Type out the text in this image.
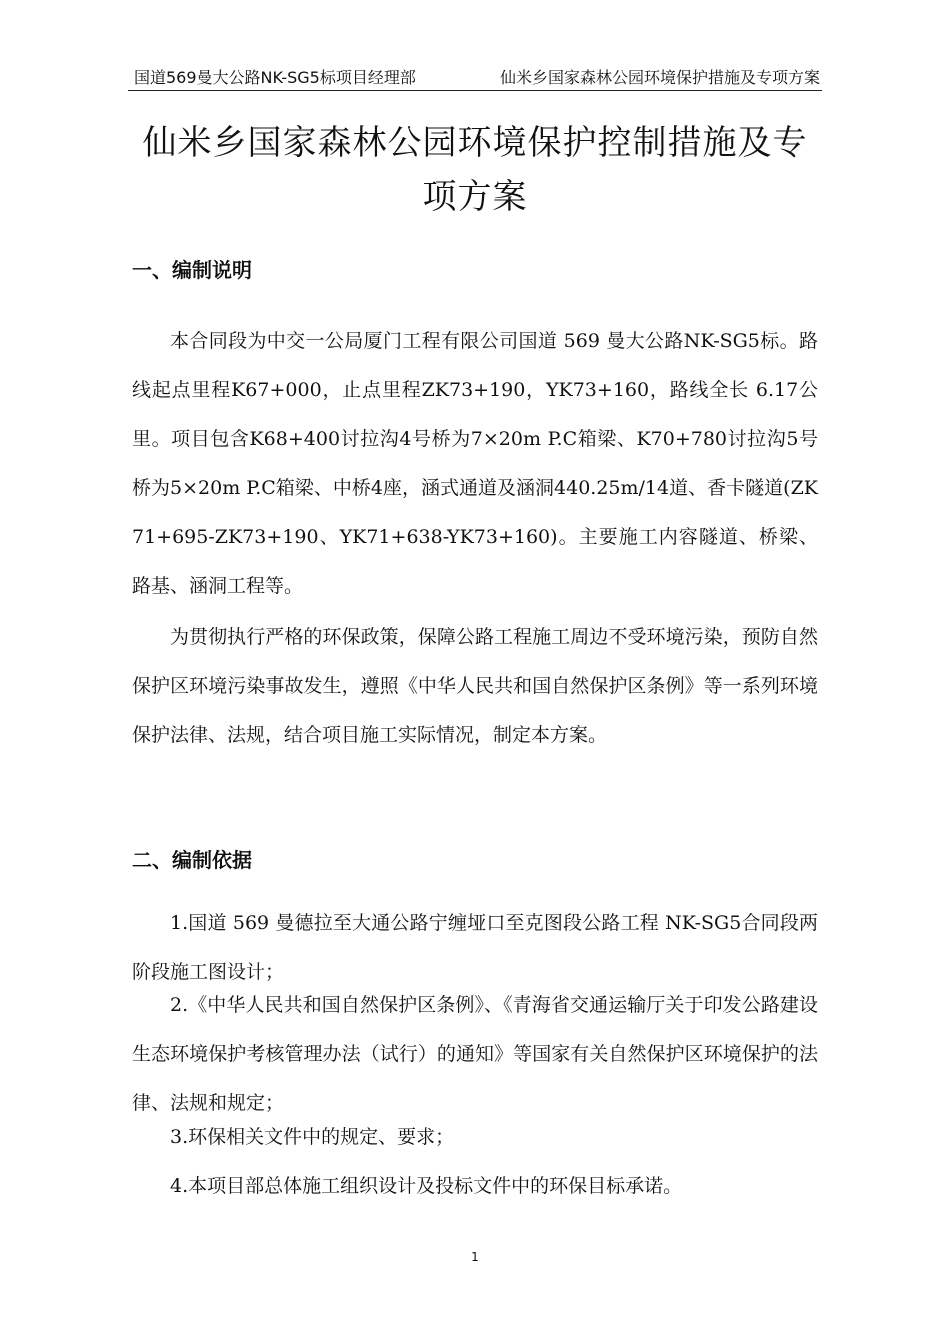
国道569曼大公路NK-SG5标项目经理部	仙米乡国家森林公园环境保护措施及专项方案
仙米乡国家森林公园环境保护控制措施及专项方案
一、编制说明
本合同段为中交一公局厦门工程有限公司国道 569 曼大公路NK-SG5标。路线起点里程K67+000，止点里程ZK73+190，YK73+160，路线全长 6.17公里。项目包含K68+400讨拉沟4号桥为7×20m P.C箱梁、K70+780讨拉沟5号桥为5×20m P.C箱梁、中桥4座，涵式通道及涵洞440.25m/14道、香卡隧道(ZK71+695-ZK73+190、YK71+638-YK73+160)。主要施工内容隧道、桥梁、路基、涵洞工程等。
为贯彻执行严格的环保政策，保障公路工程施工周边不受环境污染，预防自然保护区环境污染事故发生，遵照《中华人民共和国自然保护区条例》等一系列环境保护法律、法规，结合项目施工实际情况，制定本方案。
二、编制依据
1.国道 569 曼德拉至大通公路宁缠垭口至克图段公路工程 NK-SG5合同段两阶段施工图设计；
2.《中华人民共和国自然保护区条例》、《青海省交通运输厅关于印发公路建设生态环境保护考核管理办法（试行）的通知》等国家有关自然保护区环境保护的法律、法规和规定；
3.环保相关文件中的规定、要求；
4.本项目部总体施工组织设计及投标文件中的环保目标承诺。
1
